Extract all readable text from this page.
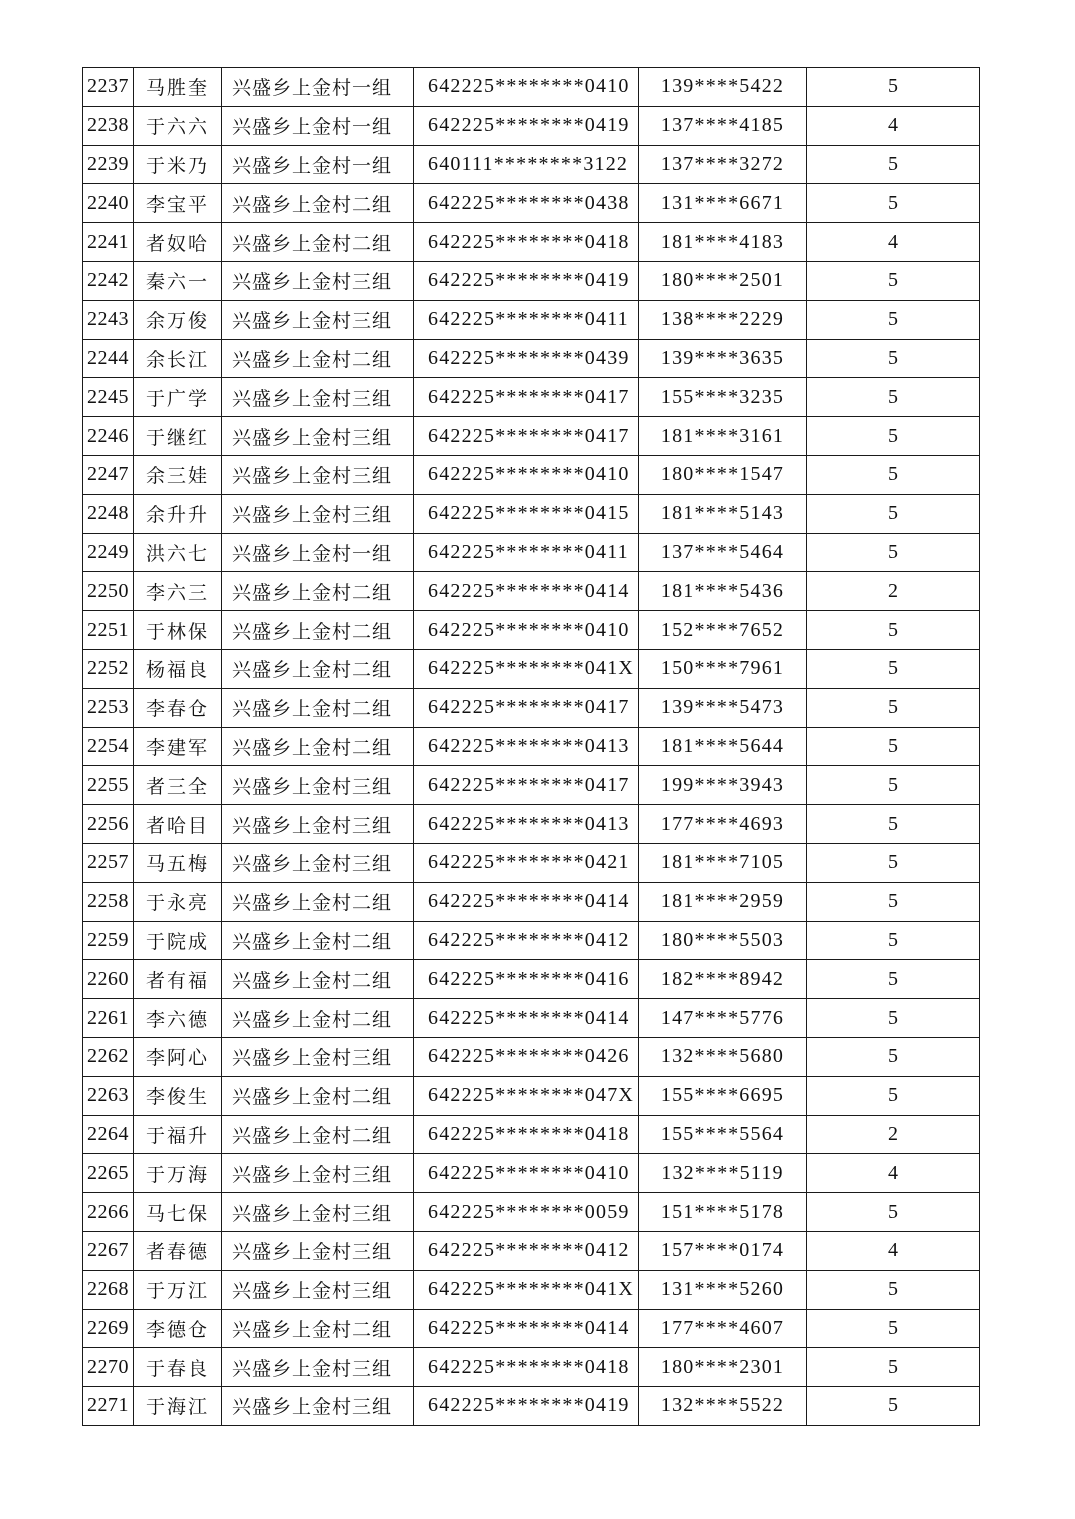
2237	马胜奎	兴盛乡上金村一组	642225********0410	139****5422	5
2238	于六六	兴盛乡上金村一组	642225********0419	137****4185	4
2239	于米乃	兴盛乡上金村一组	640111********3122	137****3272	5
2240	李宝平	兴盛乡上金村二组	642225********0438	131****6671	5
2241	者奴哈	兴盛乡上金村二组	642225********0418	181****4183	4
2242	秦六一	兴盛乡上金村三组	642225********0419	180****2501	5
2243	余万俊	兴盛乡上金村三组	642225********0411	138****2229	5
2244	余长江	兴盛乡上金村二组	642225********0439	139****3635	5
2245	于广学	兴盛乡上金村三组	642225********0417	155****3235	5
2246	于继红	兴盛乡上金村三组	642225********0417	181****3161	5
2247	余三娃	兴盛乡上金村三组	642225********0410	180****1547	5
2248	余升升	兴盛乡上金村三组	642225********0415	181****5143	5
2249	洪六七	兴盛乡上金村一组	642225********0411	137****5464	5
2250	李六三	兴盛乡上金村二组	642225********0414	181****5436	2
2251	于林保	兴盛乡上金村二组	642225********0410	152****7652	5
2252	杨福良	兴盛乡上金村二组	642225********041X	150****7961	5
2253	李春仓	兴盛乡上金村二组	642225********0417	139****5473	5
2254	李建军	兴盛乡上金村二组	642225********0413	181****5644	5
2255	者三全	兴盛乡上金村三组	642225********0417	199****3943	5
2256	者哈目	兴盛乡上金村三组	642225********0413	177****4693	5
2257	马五梅	兴盛乡上金村三组	642225********0421	181****7105	5
2258	于永亮	兴盛乡上金村二组	642225********0414	181****2959	5
2259	于院成	兴盛乡上金村二组	642225********0412	180****5503	5
2260	者有福	兴盛乡上金村二组	642225********0416	182****8942	5
2261	李六德	兴盛乡上金村二组	642225********0414	147****5776	5
2262	李阿心	兴盛乡上金村三组	642225********0426	132****5680	5
2263	李俊生	兴盛乡上金村二组	642225********047X	155****6695	5
2264	于福升	兴盛乡上金村二组	642225********0418	155****5564	2
2265	于万海	兴盛乡上金村三组	642225********0410	132****5119	4
2266	马七保	兴盛乡上金村三组	642225********0059	151****5178	5
2267	者春德	兴盛乡上金村三组	642225********0412	157****0174	4
2268	于万江	兴盛乡上金村三组	642225********041X	131****5260	5
2269	李德仓	兴盛乡上金村二组	642225********0414	177****4607	5
2270	于春良	兴盛乡上金村三组	642225********0418	180****2301	5
2271	于海江	兴盛乡上金村三组	642225********0419	132****5522	5
